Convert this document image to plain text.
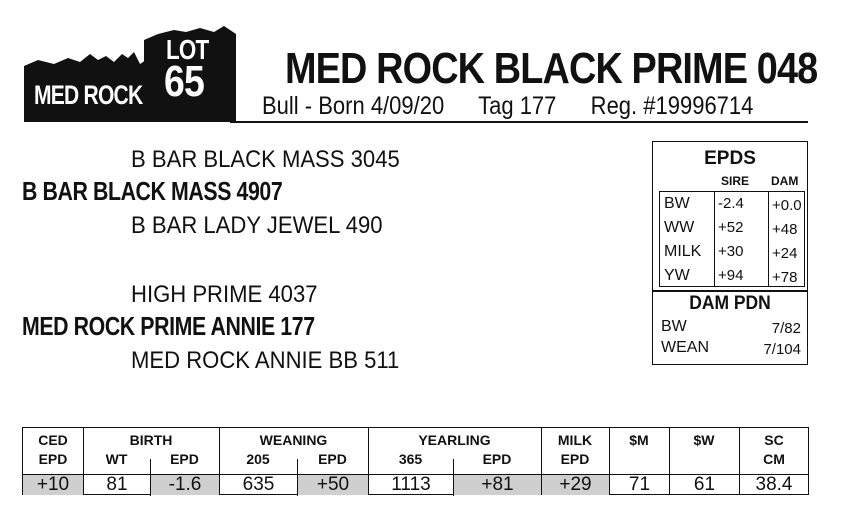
LOT
65
MED ROCK
MED ROCK BLACK PRIME 048
Bull - Born 4/09/20 Tag 177 Reg. #19996714
B BAR BLACK MASS 3045
B BAR BLACK MASS 4907
B BAR LADY JEWEL 490
HIGH PRIME 4037
MED ROCK PRIME ANNIE 177
MED ROCK ANNIE BB 511
EPDS
SIRE DAM
BW -2.4 +0.0
WW +52 +48
MILK +30 +24
YW +94 +78
DAM PDN
BW	7/82
WEAN	7/104
CED	BIRTH	WEANING	YEARLING	MILK	$M	$W	SC
EPD	WT	EPD	205	EPD	365	EPD	EPD	CM
+10	81	-1.6	635	+50	1113	+81	+29	71	61	38.4
